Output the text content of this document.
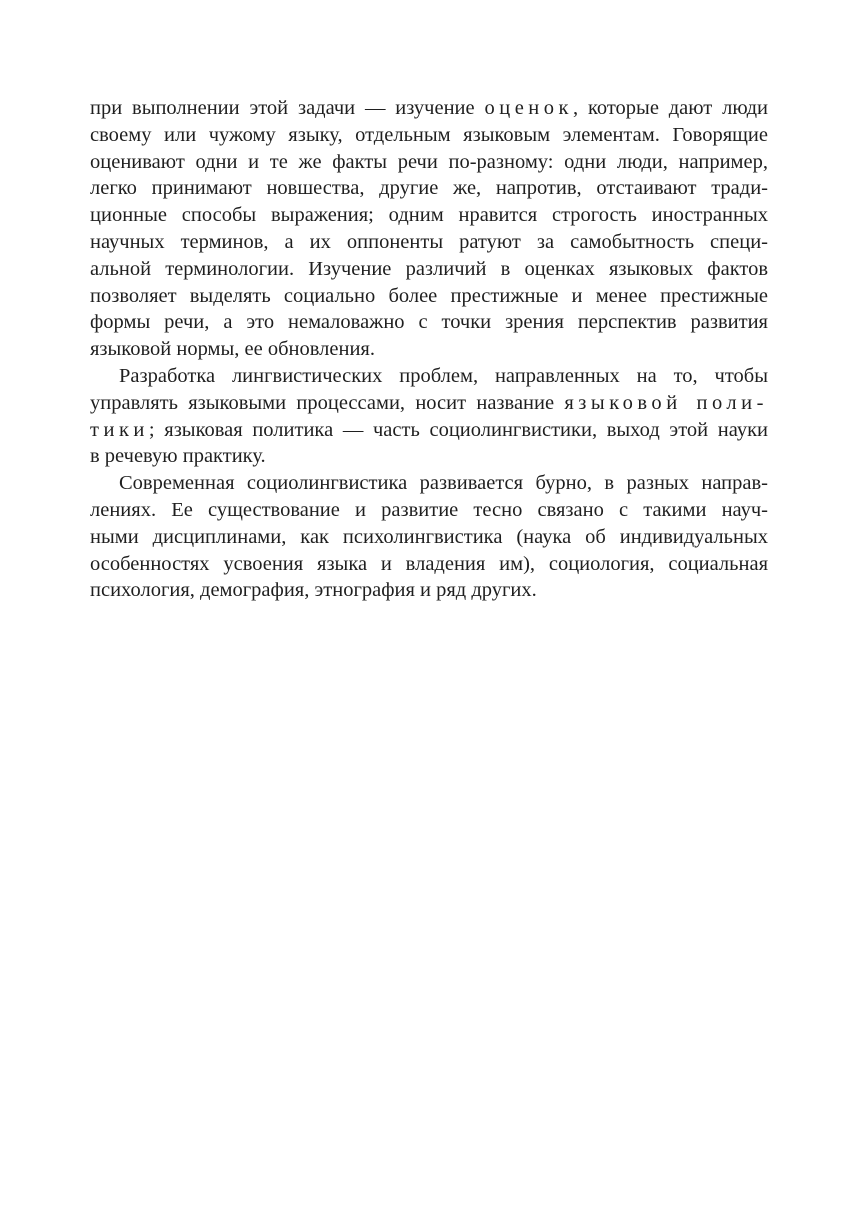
при выполнении этой задачи — изучение оценок, которые дают люди
своему или чужому языку, отдельным языковым элементам. Говорящие
оценивают одни и те же факты речи по-разному: одни люди, например,
легко принимают новшества, другие же, напротив, отстаивают тради-
ционные способы выражения; одним нравится строгость иностранных
научных терминов, а их оппоненты ратуют за самобытность специ-
альной терминологии. Изучение различий в оценках языковых фактов
позволяет выделять социально более престижные и менее престижные
формы речи, а это немаловажно с точки зрения перспектив развития
языковой нормы, ее обновления.
Разработка лингвистических проблем, направленных на то, чтобы
управлять языковыми процессами, носит название языковой поли-
тики; языковая политика — часть социолингвистики, выход этой науки
в речевую практику.
Современная социолингвистика развивается бурно, в разных направ-
лениях. Ее существование и развитие тесно связано с такими науч-
ными дисциплинами, как психолингвистика (наука об индивидуальных
особенностях усвоения языка и владения им), социология, социальная
психология, демография, этнография и ряд других.
